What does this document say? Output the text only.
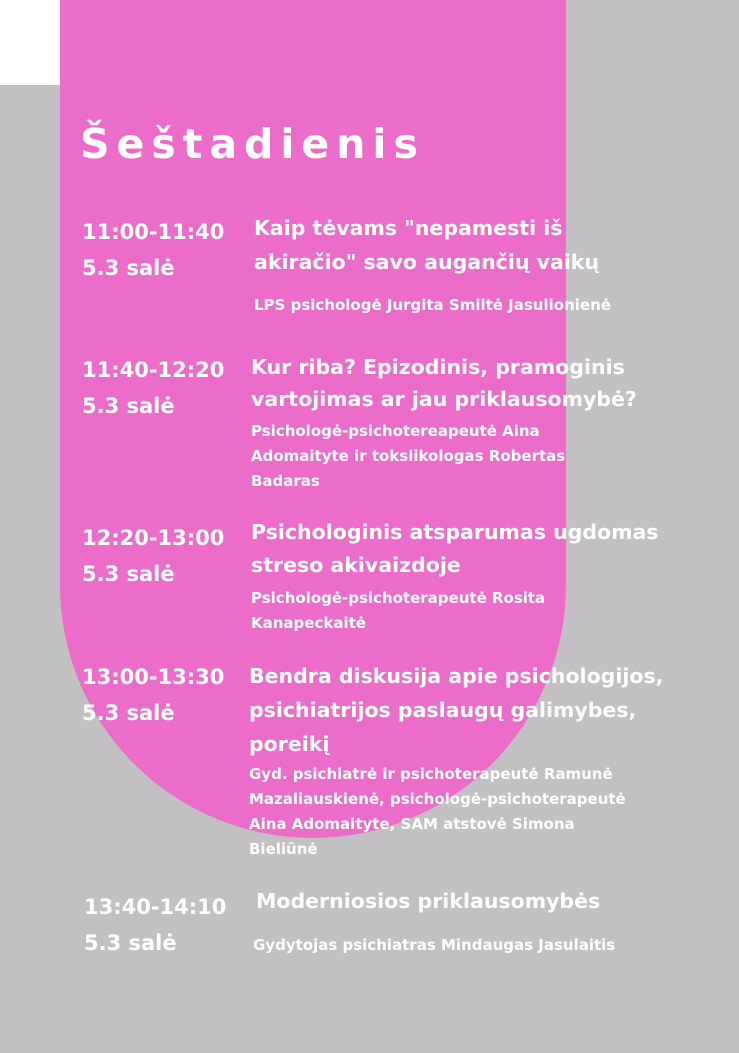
Šeštadienis
11:00-11:40
5.3 salė
Kaip tėvams "nepamesti iš
akiračio" savo augančių vaikų
LPS psichologė Jurgita Smiltė Jasulionienė
11:40-12:20
5.3 salė
Kur riba? Epizodinis, pramoginis
vartojimas ar jau priklausomybė?
Psichologė-psichotereapeutė Aina
Adomaityte ir tokslikologas Robertas
Badaras
12:20-13:00
5.3 salė
Psichologinis atsparumas ugdomas
streso akivaizdoje
Psichologė-psichoterapeutė Rosita
Kanapeckaitė
13:00-13:30
5.3 salė
Bendra diskusija apie psichologijos,
psichiatrijos paslaugų galimybes,
poreikį
Gyd. psichiatrė ir psichoterapeutė Ramunė
Mazaliauskienė, psichologė-psichoterapeutė
Aina Adomaityte, SAM atstovė Simona
Bieliūnė
13:40-14:10
5.3 salė
Moderniosios priklausomybės
Gydytojas psichiatras Mindaugas Jasulaitis
